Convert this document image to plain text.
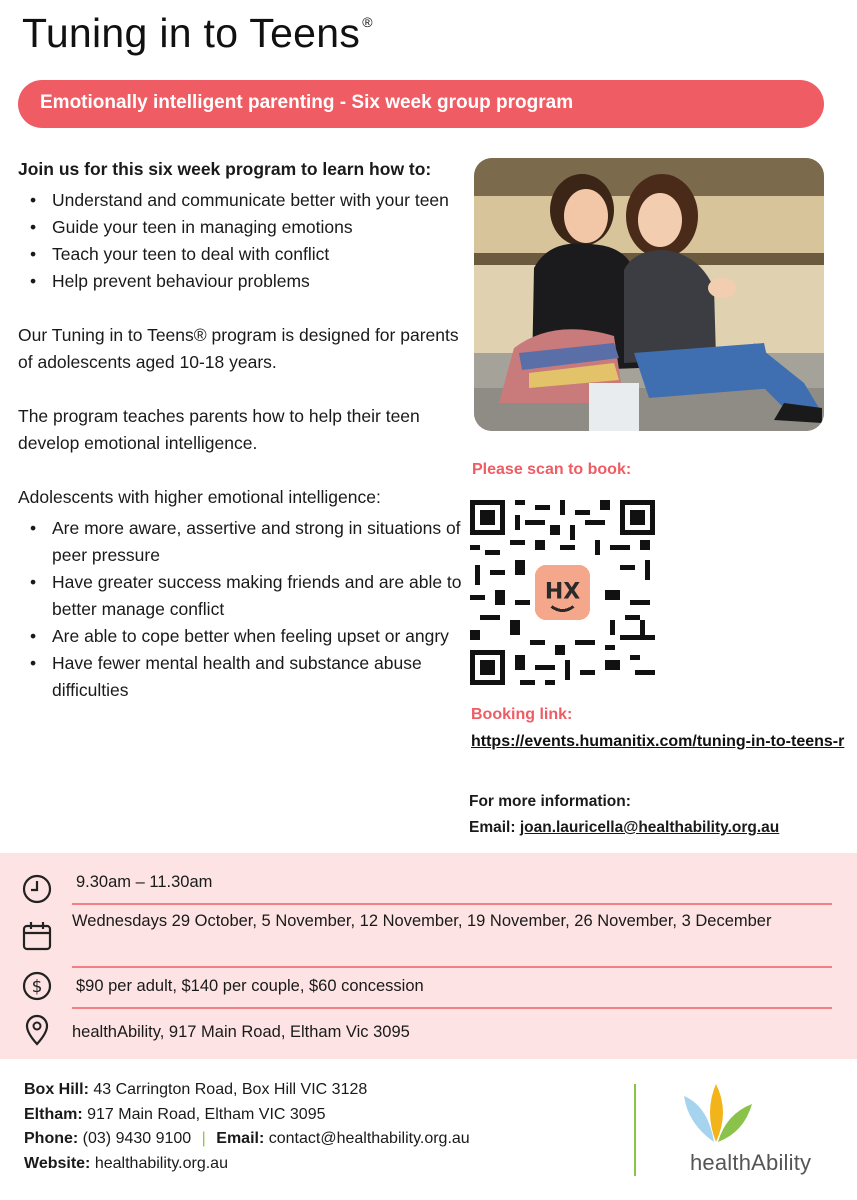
Tuning in to Teens ®
Emotionally intelligent parenting - Six week group program

Join us for this six week program to learn how to:

• Understand and communicate better with your teen
• Guide your teen in managing emotions
• Teach your teen to deal with conflict
• Help prevent behaviour problems

Our Tuning in to Teens® program is designed for parents of adolescents aged 10-18 years.

The program teaches parents how to help their teen develop emotional intelligence.

Adolescents with higher emotional intelligence:

• Are more aware, assertive and strong in situations of peer pressure
• Have greater success making friends and are able to better manage conflict
• Are able to cope better when feeling upset or angry
• Have fewer mental health and substance abuse difficulties
Please scan to book:
HX
Booking link:
https://events.humanitix.com/tuning-in-to-teens-r
For more information:
Email: joan.lauricella@healthability.org.au
9.30am – 11.30am
Wednesdays 29 October, 5 November, 12 November, 19 November, 26 November, 3 December
$ $90 per adult, $140 per couple, $60 concession
healthAbility, 917 Main Road, Eltham Vic 3095
Box Hill: 43 Carrington Road, Box Hill VIC 3128
Eltham: 917 Main Road, Eltham VIC 3095
Phone: (03) 9430 9100 | Email: contact@healthability.org.au
Website: healthability.org.au	healthAbility
